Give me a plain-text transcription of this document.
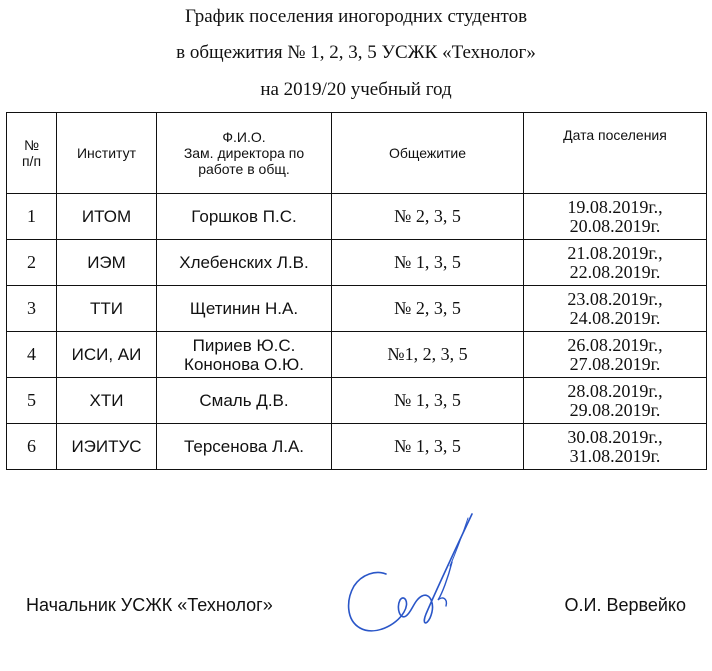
График поселения иногородних студентов
в общежития № 1, 2, 3, 5 УСЖК «Технолог»
на 2019/20 учебный год
№
п/п	Институт	Ф.И.О.
Зам. директора по
работе в общ.	Общежитие	Дата поселения
1	ИТОМ	Горшков П.С.	№ 2, 3, 5	19.08.2019г.,
20.08.2019г.
2	ИЭМ	Хлебенских Л.В.	№ 1, 3, 5	21.08.2019г.,
22.08.2019г.
3	ТТИ	Щетинин Н.А.	№ 2, 3, 5	23.08.2019г.,
24.08.2019г.
4	ИСИ, АИ	Пириев Ю.С.
Кононова О.Ю.	№1, 2, 3, 5	26.08.2019г.,
27.08.2019г.
5	ХТИ	Смаль Д.В.	№ 1, 3, 5	28.08.2019г.,
29.08.2019г.
6	ИЭИТУС	Терсенова Л.А.	№ 1, 3, 5	30.08.2019г.,
31.08.2019г.
Начальник УСЖК «Технолог»	О.И. Вервейко
